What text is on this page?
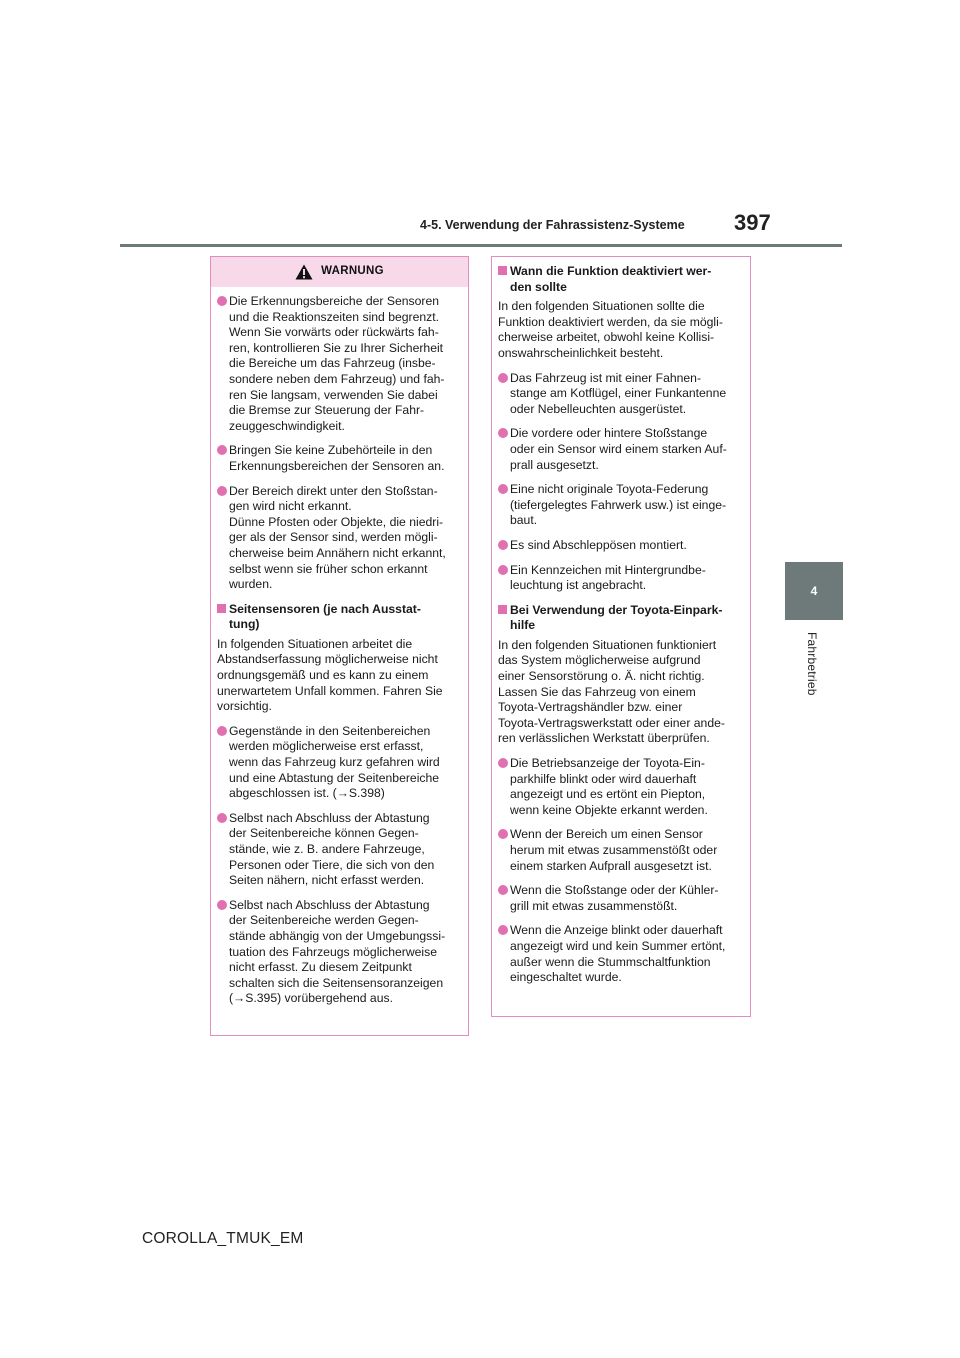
4-5. Verwendung der Fahrassistenz-Systeme 397
4
Fahrbetrieb
WARNUNG
Die Erkennungsbereiche der Sensoren
und die Reaktionszeiten sind begrenzt.
Wenn Sie vorwärts oder rückwärts fah-
ren, kontrollieren Sie zu Ihrer Sicherheit
die Bereiche um das Fahrzeug (insbe-
sondere neben dem Fahrzeug) und fah-
ren Sie langsam, verwenden Sie dabei
die Bremse zur Steuerung der Fahr-
zeuggeschwindigkeit.
Bringen Sie keine Zubehörteile in den
Erkennungsbereichen der Sensoren an.
Der Bereich direkt unter den Stoßstan-
gen wird nicht erkannt.
Dünne Pfosten oder Objekte, die niedri-
ger als der Sensor sind, werden mögli-
cherweise beim Annähern nicht erkannt,
selbst wenn sie früher schon erkannt
wurden.
Seitensensoren (je nach Ausstat-
tung)
In folgenden Situationen arbeitet die
Abstandserfassung möglicherweise nicht
ordnungsgemäß und es kann zu einem
unerwartetem Unfall kommen. Fahren Sie
vorsichtig.
Gegenstände in den Seitenbereichen
werden möglicherweise erst erfasst,
wenn das Fahrzeug kurz gefahren wird
und eine Abtastung der Seitenbereiche
abgeschlossen ist. (→S.398)
Selbst nach Abschluss der Abtastung
der Seitenbereiche können Gegen-
stände, wie z. B. andere Fahrzeuge,
Personen oder Tiere, die sich von den
Seiten nähern, nicht erfasst werden.
Selbst nach Abschluss der Abtastung
der Seitenbereiche werden Gegen-
stände abhängig von der Umgebungssi-
tuation des Fahrzeugs möglicherweise
nicht erfasst. Zu diesem Zeitpunkt
schalten sich die Seitensensoranzeigen
(→S.395) vorübergehend aus.
Wann die Funktion deaktiviert wer-
den sollte
In den folgenden Situationen sollte die
Funktion deaktiviert werden, da sie mögli-
cherweise arbeitet, obwohl keine Kollisi-
onswahrscheinlichkeit besteht.
Das Fahrzeug ist mit einer Fahnen-
stange am Kotflügel, einer Funkantenne
oder Nebelleuchten ausgerüstet.
Die vordere oder hintere Stoßstange
oder ein Sensor wird einem starken Auf-
prall ausgesetzt.
Eine nicht originale Toyota-Federung
(tiefergelegtes Fahrwerk usw.) ist einge-
baut.
Es sind Abschleppösen montiert.
Ein Kennzeichen mit Hintergrundbe-
leuchtung ist angebracht.
Bei Verwendung der Toyota-Einpark-
hilfe
In den folgenden Situationen funktioniert
das System möglicherweise aufgrund
einer Sensorstörung o. Ä. nicht richtig.
Lassen Sie das Fahrzeug von einem
Toyota-Vertragshändler bzw. einer
Toyota-Vertragswerkstatt oder einer ande-
ren verlässlichen Werkstatt überprüfen.
Die Betriebsanzeige der Toyota-Ein-
parkhilfe blinkt oder wird dauerhaft
angezeigt und es ertönt ein Piepton,
wenn keine Objekte erkannt werden.
Wenn der Bereich um einen Sensor
herum mit etwas zusammenstößt oder
einem starken Aufprall ausgesetzt ist.
Wenn die Stoßstange oder der Kühler-
grill mit etwas zusammenstößt.
Wenn die Anzeige blinkt oder dauerhaft
angezeigt wird und kein Summer ertönt,
außer wenn die Stummschaltfunktion
eingeschaltet wurde.
COROLLA_TMUK_EM
